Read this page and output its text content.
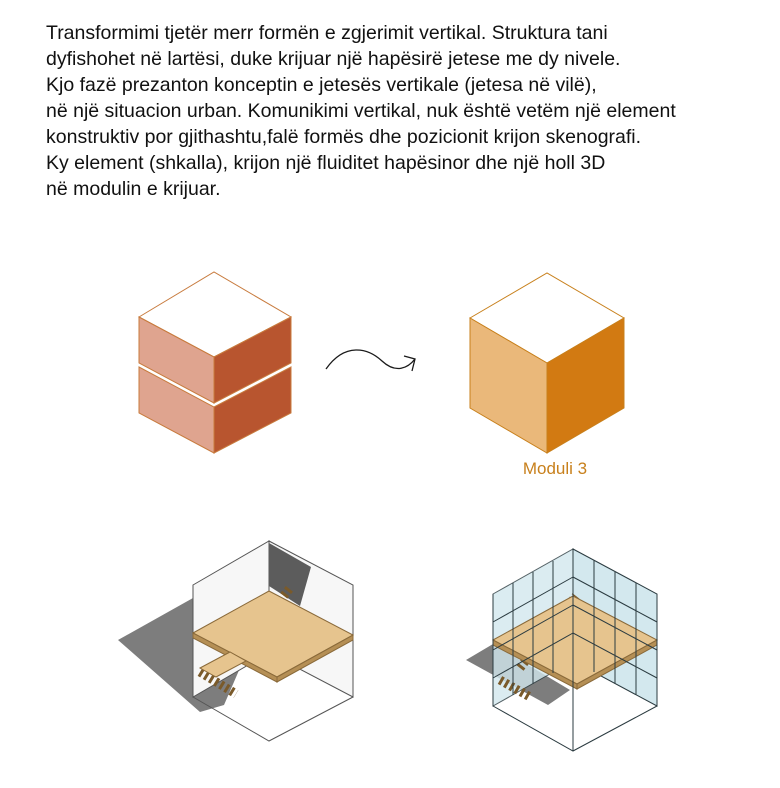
Transformimi tjetër merr formën e zgjerimit vertikal. Struktura tani
dyfishohet në lartësi, duke krijuar një hapësirë jetese me dy nivele.
Kjo fazë prezanton konceptin e jetesës vertikale (jetesa në vilë),
në një situacion urban. Komunikimi vertikal, nuk është vetëm një element
konstruktiv por gjithashtu,falë formës dhe pozicionit krijon skenografi.
Ky element (shkalla), krijon një fluiditet hapësinor dhe një holl 3D
në modulin e krijuar.
Moduli 3
